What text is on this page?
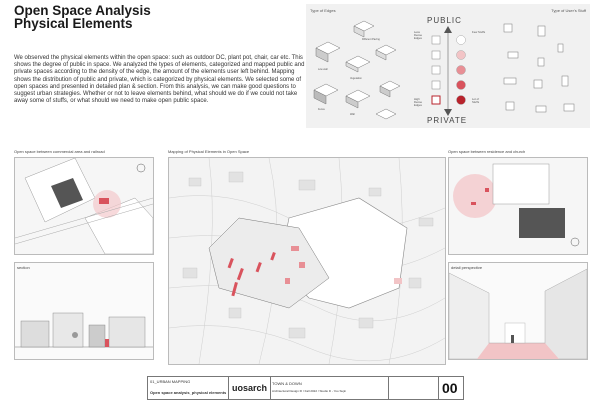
Open Space Analysis
Physical Elements

We observed the physical elements within the open space: such as outdoor DC, plant pot, chair, car etc. This shows the degree of public in space. We analyzed the types of elements, categorized and mapped public and private spaces according to the density of the edge, the amount of the elements user left behind. Mapping shows the distribution of public and private, which is categorized by physical elements. We selected some of open spaces and presented in detailed plan & section. From this analysis, we can make good questions to suggest urban strategies. Whether or not to leave elements behind, what should we do if we could not take away some of stuffs, or what should we need to make open public space.

Type of Edges	Type of User's Stuff
Different Paving
Low wall
Vegetation
Fence
Wall
PUBLIC
PRIVATE
Less Dense Edges
High Dense Edges
Few Stuffs
Lot of Stuffs
Open space between commercial area and railroad	Mapping of Physical Elements in Open Space	Open space between residence and church
section	detail perspective
01_URBAN MAPPING
Open space analysis_physical elements uosarch TOWN & DOWN
Architectural Design III / Fall 2022 / Studio D - Yoo Sujin	00
